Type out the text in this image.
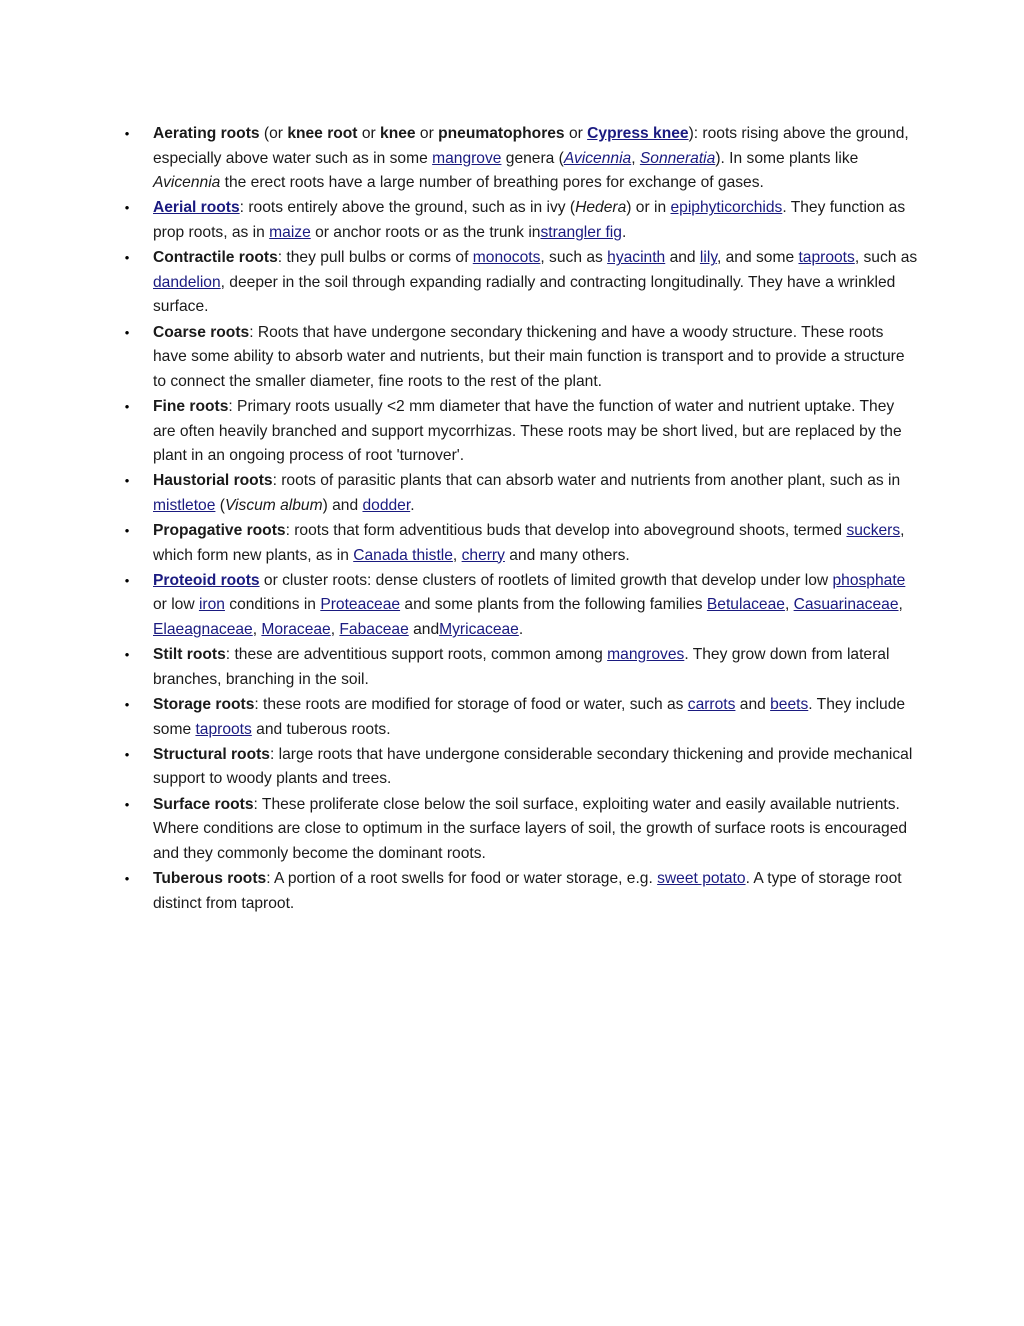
• Aerating roots (or knee root or knee or pneumatophores or Cypress knee): roots rising above the ground, especially above water such as in some mangrove genera (Avicennia, Sonneratia). In some plants like Avicennia the erect roots have a large number of breathing pores for exchange of gases.
• Aerial roots: roots entirely above the ground, such as in ivy (Hedera) or in epiphyticorchids. They function as prop roots, as in maize or anchor roots or as the trunk instrangler fig.
• Contractile roots: they pull bulbs or corms of monocots, such as hyacinth and lily, and some taproots, such as dandelion, deeper in the soil through expanding radially and contracting longitudinally. They have a wrinkled surface.
• Coarse roots: Roots that have undergone secondary thickening and have a woody structure. These roots have some ability to absorb water and nutrients, but their main function is transport and to provide a structure to connect the smaller diameter, fine roots to the rest of the plant.
• Fine roots: Primary roots usually <2 mm diameter that have the function of water and nutrient uptake. They are often heavily branched and support mycorrhizas. These roots may be short lived, but are replaced by the plant in an ongoing process of root 'turnover'.
• Haustorial roots: roots of parasitic plants that can absorb water and nutrients from another plant, such as in mistletoe (Viscum album) and dodder.
• Propagative roots: roots that form adventitious buds that develop into aboveground shoots, termed suckers, which form new plants, as in Canada thistle, cherry and many others.
• Proteoid roots or cluster roots: dense clusters of rootlets of limited growth that develop under low phosphate or low iron conditions in Proteaceae and some plants from the following families Betulaceae, Casuarinaceae, Elaeagnaceae, Moraceae, Fabaceae andMyricaceae.
• Stilt roots: these are adventitious support roots, common among mangroves. They grow down from lateral branches, branching in the soil.
• Storage roots: these roots are modified for storage of food or water, such as carrots and beets. They include some taproots and tuberous roots.
• Structural roots: large roots that have undergone considerable secondary thickening and provide mechanical support to woody plants and trees.
• Surface roots: These proliferate close below the soil surface, exploiting water and easily available nutrients. Where conditions are close to optimum in the surface layers of soil, the growth of surface roots is encouraged and they commonly become the dominant roots.
• Tuberous roots: A portion of a root swells for food or water storage, e.g. sweet potato. A type of storage root distinct from taproot.
